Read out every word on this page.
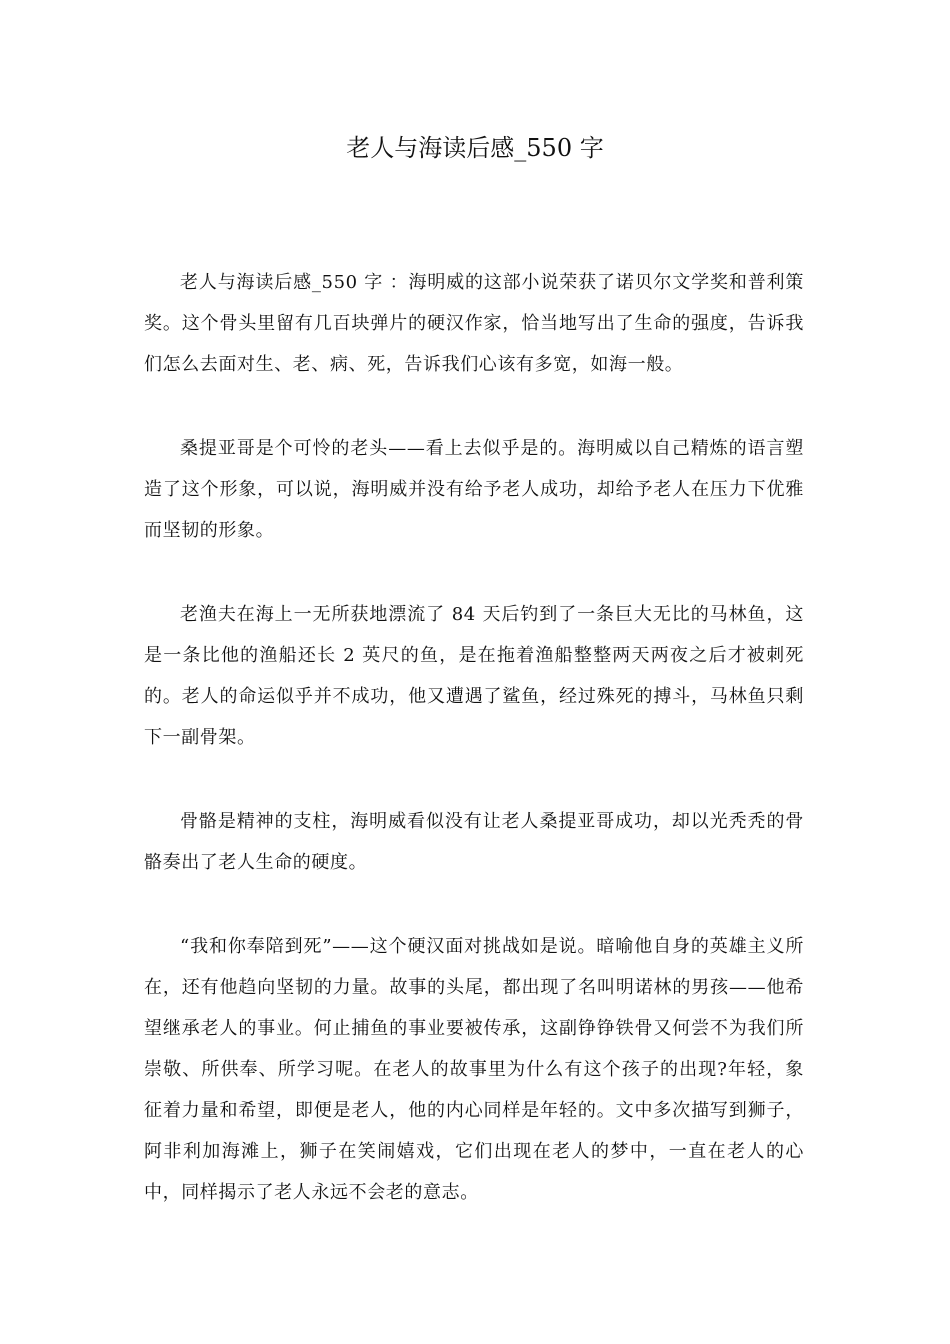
老人与海读后感_550 字

老人与海读后感_550 字 ：海明威的这部小说荣获了诺贝尔文学奖和普利策奖。这个骨头里留有几百块弹片的硬汉作家，恰当地写出了生命的强度，告诉我们怎么去面对生、老、病、死，告诉我们心该有多宽，如海一般。

桑提亚哥是个可怜的老头——看上去似乎是的。海明威以自己精炼的语言塑造了这个形象，可以说，海明威并没有给予老人成功，却给予老人在压力下优雅而坚韧的形象。

老渔夫在海上一无所获地漂流了 84 天后钓到了一条巨大无比的马林鱼，这是一条比他的渔船还长 2 英尺的鱼，是在拖着渔船整整两天两夜之后才被刺死的。老人的命运似乎并不成功，他又遭遇了鲨鱼，经过殊死的搏斗，马林鱼只剩下一副骨架。

骨骼是精神的支柱，海明威看似没有让老人桑提亚哥成功，却以光秃秃的骨骼奏出了老人生命的硬度。

“我和你奉陪到死”——这个硬汉面对挑战如是说。暗喻他自身的英雄主义所在，还有他趋向坚韧的力量。故事的头尾，都出现了名叫明诺林的男孩——他希望继承老人的事业。何止捕鱼的事业要被传承，这副铮铮铁骨又何尝不为我们所崇敬、所供奉、所学习呢。在老人的故事里为什么有这个孩子的出现?年轻，象征着力量和希望，即便是老人，他的内心同样是年轻的。文中多次描写到狮子，阿非利加海滩上，狮子在笑闹嬉戏，它们出现在老人的梦中，一直在老人的心中，同样揭示了老人永远不会老的意志。
